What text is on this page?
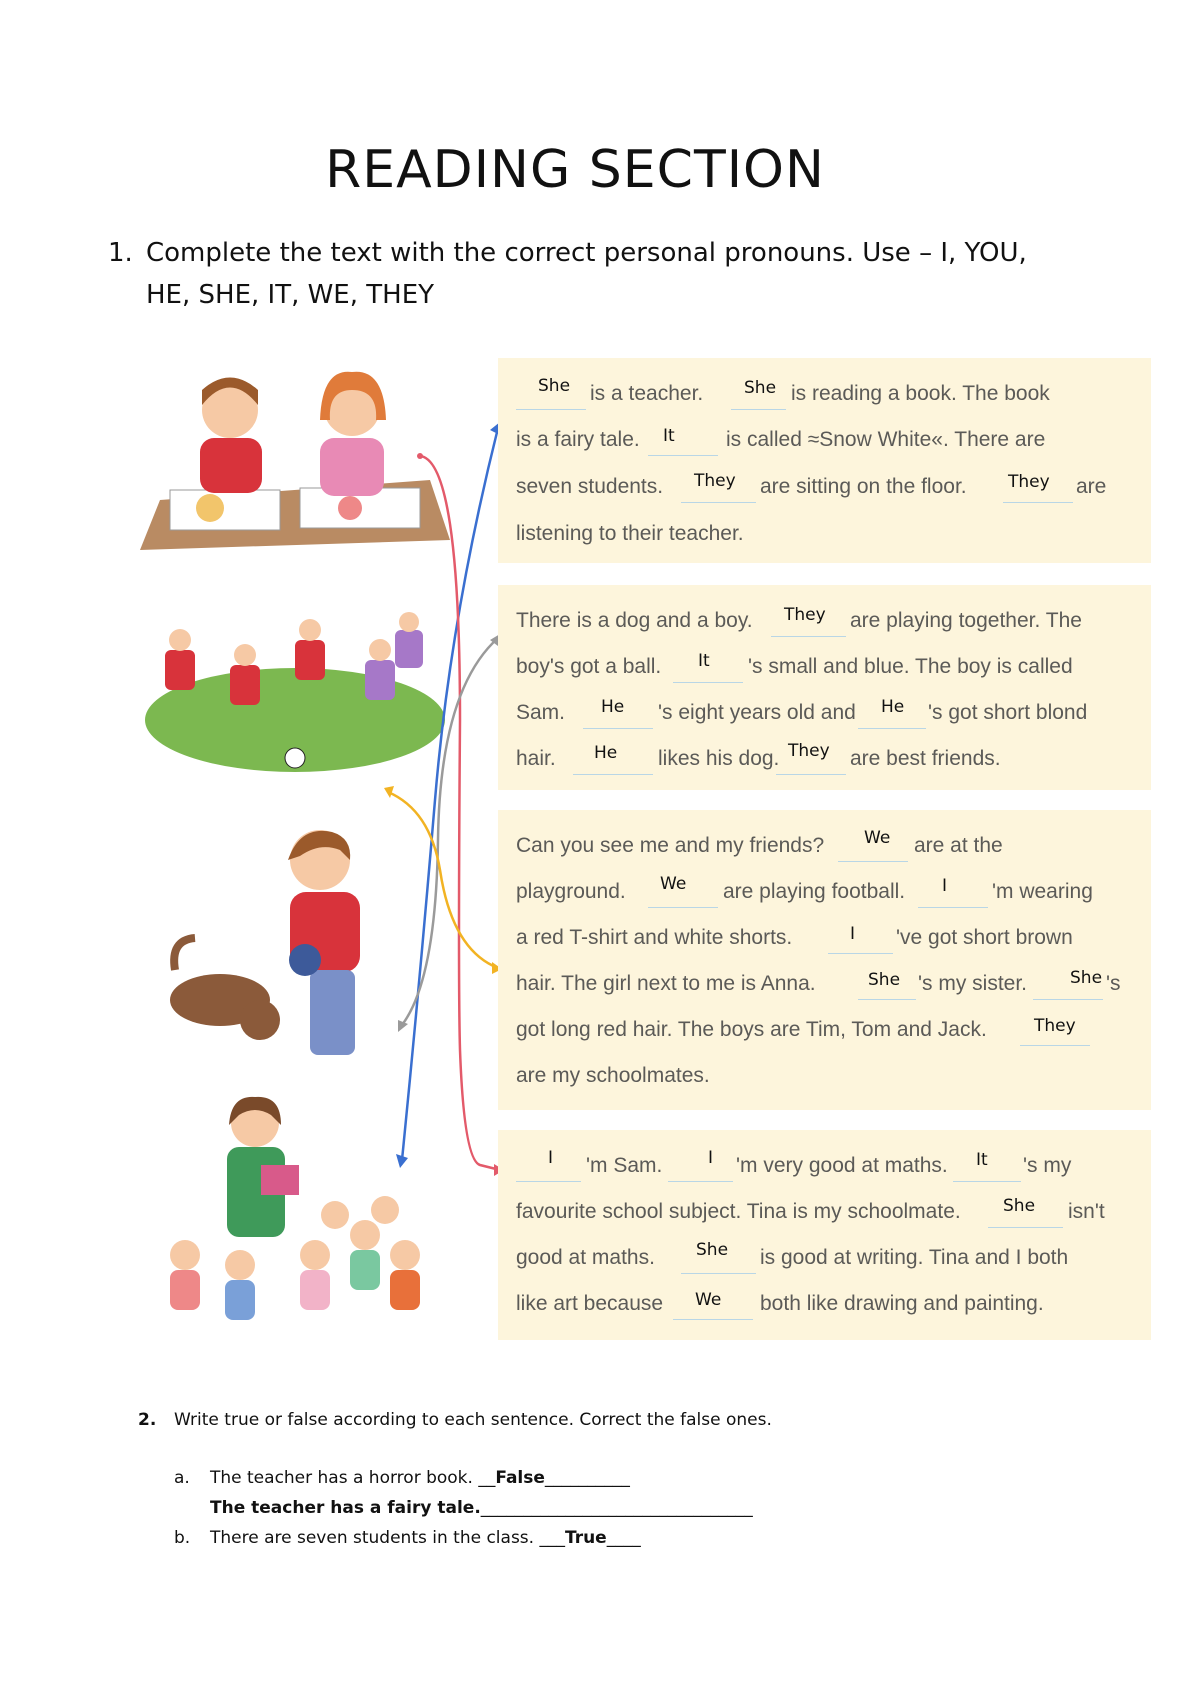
READING SECTION
1. Complete the text with the correct personal pronouns. Use – I, YOU, HE, SHE, IT, WE, THEY
She is a teacher. She is reading a book. The book
is a fairy tale. It is called ≈Snow White«. There are
seven students. They are sitting on the floor. They are
listening to their teacher.
There is a dog and a boy. They are playing together. The
boy's got a ball. It 's small and blue. The boy is called
Sam. He 's eight years old and He 's got short blond
hair. He likes his dog. They are best friends.
Can you see me and my friends? We are at the
playground. We are playing football. I 'm wearing
a red T-shirt and white shorts.	I 've got short brown
hair. The girl next to me is Anna.	She 's my sister.	She 's
got long red hair. The boys are Tim, Tom and Jack.	They
are my schoolmates.
I 'm Sam.	I 'm very good at maths. It 's my
favourite school subject. Tina is my schoolmate. She isn't
good at maths. She is good at writing. Tina and I both
like art because We both like drawing and painting.
2. Write true or false according to each sentence. Correct the false ones.
a. The teacher has a horror book. __False__________
The teacher has a fairy tale.________________________________
b. There are seven students in the class. ___True____
